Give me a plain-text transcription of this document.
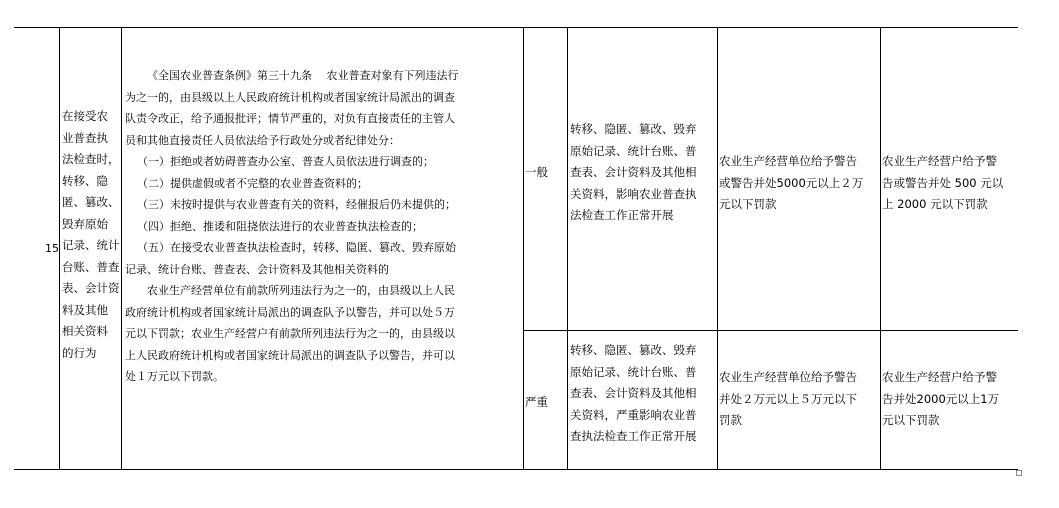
15
在接受农
业普查执
法检查时，
转移、隐
匿、篡改、
毁弃原始
记录、统计
台账、普查
表、会计资
料及其他
相关资料
的行为
《全国农业普查条例》第三十九条　 农业普查对象有下列违法行
为之一的，由县级以上人民政府统计机构或者国家统计局派出的调查
队责令改正，给予通报批评；情节严重的，对负有直接责任的主管人
员和其他直接责任人员依法给予行政处分或者纪律处分：
（一）拒绝或者妨碍普查办公室、普查人员依法进行调查的；
（二）提供虚假或者不完整的农业普查资料的；
（三）未按时提供与农业普查有关的资料，经催报后仍未提供的；
（四）拒绝、推诿和阻挠依法进行的农业普查执法检查的；
（五）在接受农业普查执法检查时，转移、隐匿、篡改、毁弃原始
记录、统计台账、普查表、会计资料及其他相关资料的
农业生产经营单位有前款所列违法行为之一的，由县级以上人民
政府统计机构或者国家统计局派出的调查队予以警告，并可以处５万
元以下罚款；农业生产经营户有前款所列违法行为之一的，由县级以
上人民政府统计机构或者国家统计局派出的调查队予以警告，并可以
处１万元以下罚款。
一般
转移、隐匿、篡改、毁弃
原始记录、统计台账、普
查表、会计资料及其他相
关资料，影响农业普查执
法检查工作正常开展
农业生产经营单位给予警告
或警告并处5000元以上２万
元以下罚款
农业生产经营户给予警
告或警告并处 500 元以
上 2000 元以下罚款
严重
转移、隐匿、篡改、毁弃
原始记录、统计台账、普
查表、会计资料及其他相
关资料，严重影响农业普
查执法检查工作正常开展
农业生产经营单位给予警告
并处２万元以上５万元以下
罚款
农业生产经营户给予警
告并处2000元以上1万
元以下罚款
